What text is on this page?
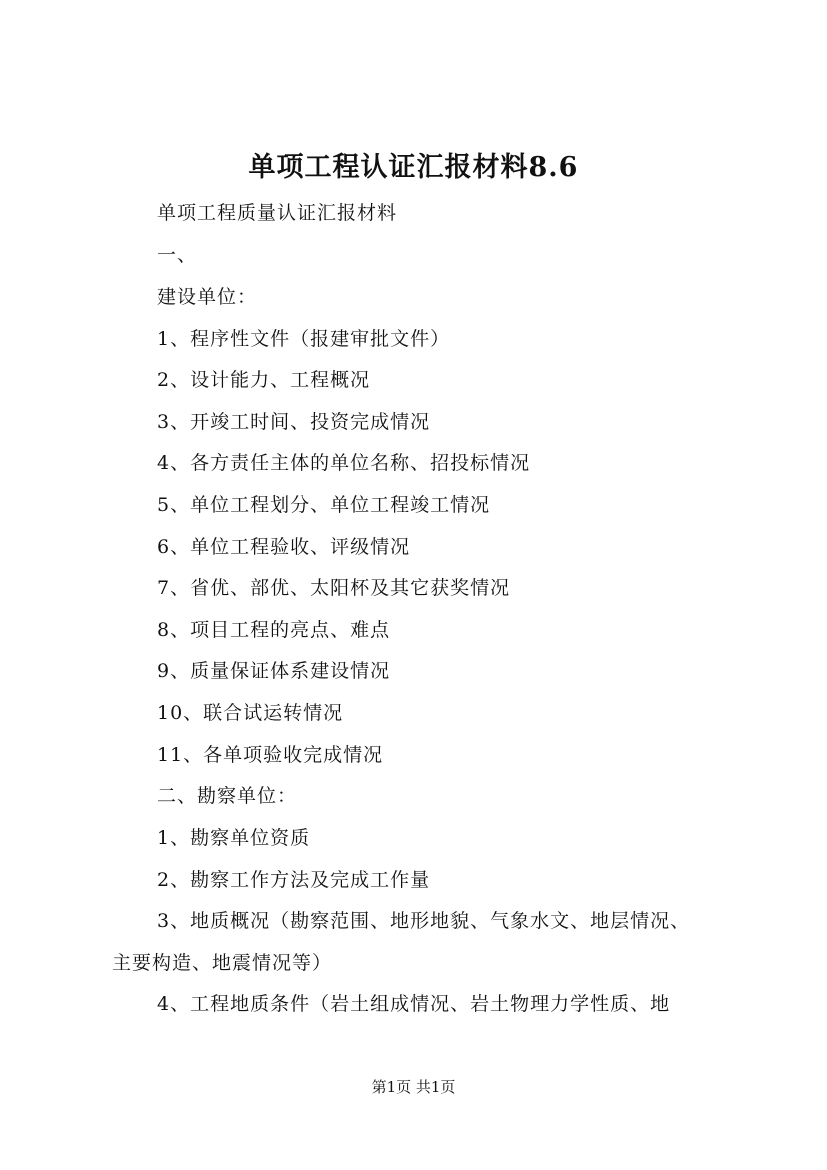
单项工程认证汇报材料8.6
单项工程质量认证汇报材料
一、
建设单位：
1、程序性文件（报建审批文件）
2、设计能力、工程概况
3、开竣工时间、投资完成情况
4、各方责任主体的单位名称、招投标情况
5、单位工程划分、单位工程竣工情况
6、单位工程验收、评级情况
7、省优、部优、太阳杯及其它获奖情况
8、项目工程的亮点、难点
9、质量保证体系建设情况
10、联合试运转情况
11、各单项验收完成情况
二、勘察单位：
1、勘察单位资质
2、勘察工作方法及完成工作量
3、地质概况（勘察范围、地形地貌、气象水文、地层情况、
主要构造、地震情况等）
4、工程地质条件（岩土组成情况、岩土物理力学性质、地
第1页 共1页
